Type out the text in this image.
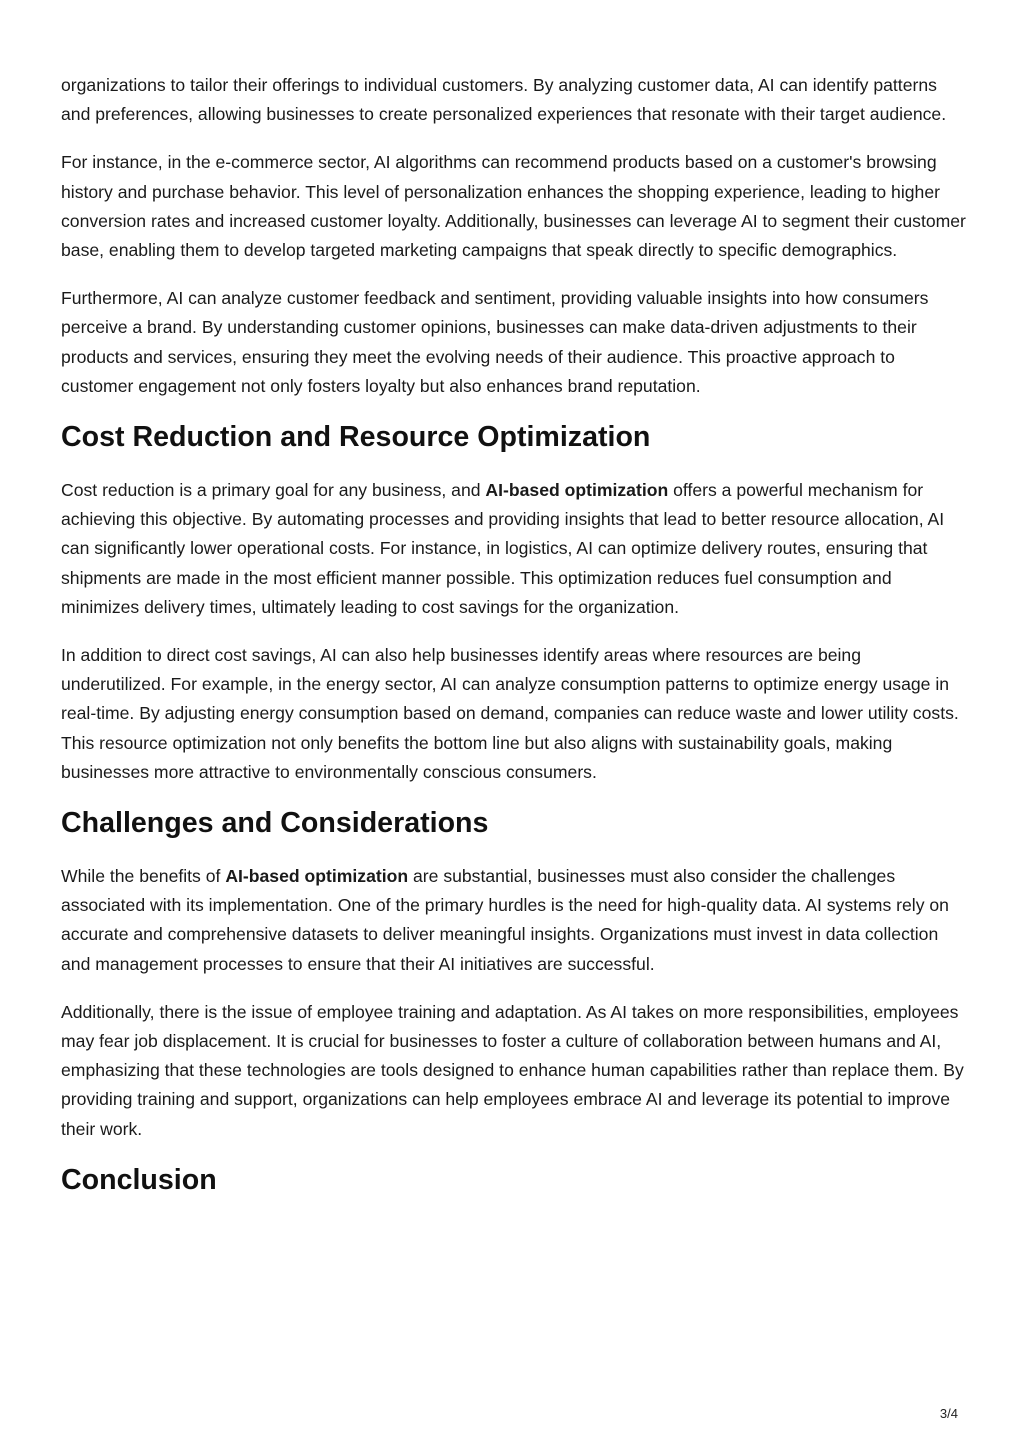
organizations to tailor their offerings to individual customers. By analyzing customer data, AI can identify patterns and preferences, allowing businesses to create personalized experiences that resonate with their target audience.

For instance, in the e-commerce sector, AI algorithms can recommend products based on a customer's browsing history and purchase behavior. This level of personalization enhances the shopping experience, leading to higher conversion rates and increased customer loyalty. Additionally, businesses can leverage AI to segment their customer base, enabling them to develop targeted marketing campaigns that speak directly to specific demographics.

Furthermore, AI can analyze customer feedback and sentiment, providing valuable insights into how consumers perceive a brand. By understanding customer opinions, businesses can make data-driven adjustments to their products and services, ensuring they meet the evolving needs of their audience. This proactive approach to customer engagement not only fosters loyalty but also enhances brand reputation.

Cost Reduction and Resource Optimization

Cost reduction is a primary goal for any business, and AI-based optimization offers a powerful mechanism for achieving this objective. By automating processes and providing insights that lead to better resource allocation, AI can significantly lower operational costs. For instance, in logistics, AI can optimize delivery routes, ensuring that shipments are made in the most efficient manner possible. This optimization reduces fuel consumption and minimizes delivery times, ultimately leading to cost savings for the organization.

In addition to direct cost savings, AI can also help businesses identify areas where resources are being underutilized. For example, in the energy sector, AI can analyze consumption patterns to optimize energy usage in real-time. By adjusting energy consumption based on demand, companies can reduce waste and lower utility costs. This resource optimization not only benefits the bottom line but also aligns with sustainability goals, making businesses more attractive to environmentally conscious consumers.

Challenges and Considerations

While the benefits of AI-based optimization are substantial, businesses must also consider the challenges associated with its implementation. One of the primary hurdles is the need for high-quality data. AI systems rely on accurate and comprehensive datasets to deliver meaningful insights. Organizations must invest in data collection and management processes to ensure that their AI initiatives are successful.

Additionally, there is the issue of employee training and adaptation. As AI takes on more responsibilities, employees may fear job displacement. It is crucial for businesses to foster a culture of collaboration between humans and AI, emphasizing that these technologies are tools designed to enhance human capabilities rather than replace them. By providing training and support, organizations can help employees embrace AI and leverage its potential to improve their work.

Conclusion
3/4
